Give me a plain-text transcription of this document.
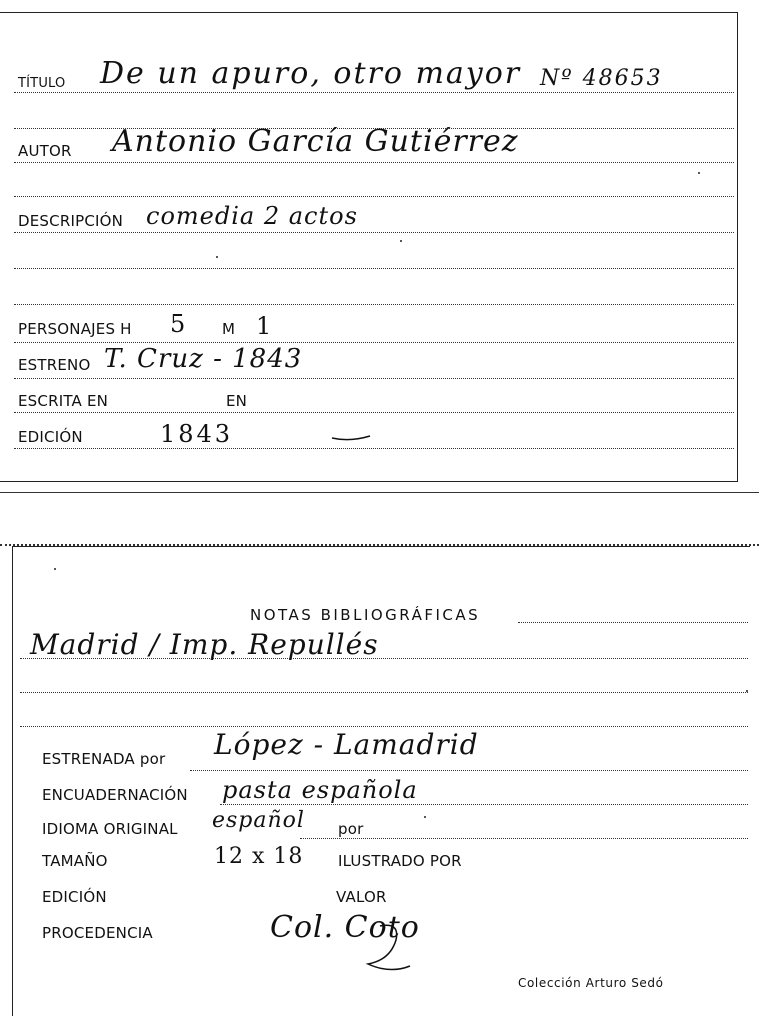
TÍTULO De un apuro, otro mayor Nº 48653
AUTOR Antonio García Gutiérrez
DESCRIPCIÓN comedia 2 actos
PERSONAJES H 5 M 1
ESTRENO T. Cruz - 1843
ESCRITA EN	EN
EDICIÓN	1843
NOTAS BIBLIOGRÁFICAS
Madrid / Imp. Repullés
ESTRENADA por López - Lamadrid
ENCUADERNACIÓN pasta española
IDIOMA ORIGINAL español por
TAMAÑO	12 x 18 ILUSTRADO POR
EDICIÓN	VALOR
PROCEDENCIA	Col. Coto
Colección Arturo Sedó
